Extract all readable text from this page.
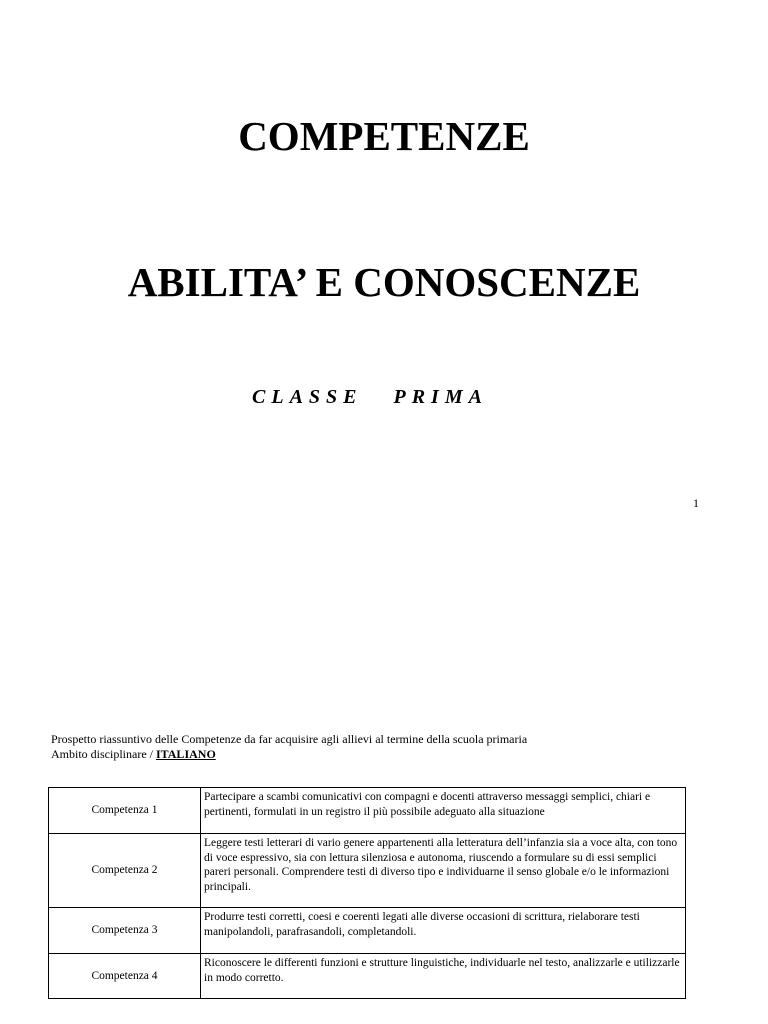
COMPETENZE
ABILITA’ E CONOSCENZE

CLASSE PRIMA

1
Prospetto riassuntivo delle Competenze da far acquisire agli allievi al termine della scuola primaria
Ambito disciplinare / ITALIANO
Competenza 1	Partecipare a scambi comunicativi con compagni e docenti attraverso messaggi semplici, chiari e pertinenti, formulati in un registro il più possibile adeguato alla situazione
Competenza 2	Leggere testi letterari di vario genere appartenenti alla letteratura dell’infanzia sia a voce alta, con tono di voce espressivo, sia con lettura silenziosa e autonoma, riuscendo a formulare su di essi semplici pareri personali. Comprendere testi di diverso tipo e individuarne il senso globale e/o le informazioni principali.
Competenza 3	Produrre testi corretti, coesi e coerenti legati alle diverse occasioni di scrittura, rielaborare testi manipolandoli, parafrasandoli, completandoli.
Competenza 4	Riconoscere le differenti funzioni e strutture linguistiche, individuarle nel testo, analizzarle e utilizzarle in modo corretto.
